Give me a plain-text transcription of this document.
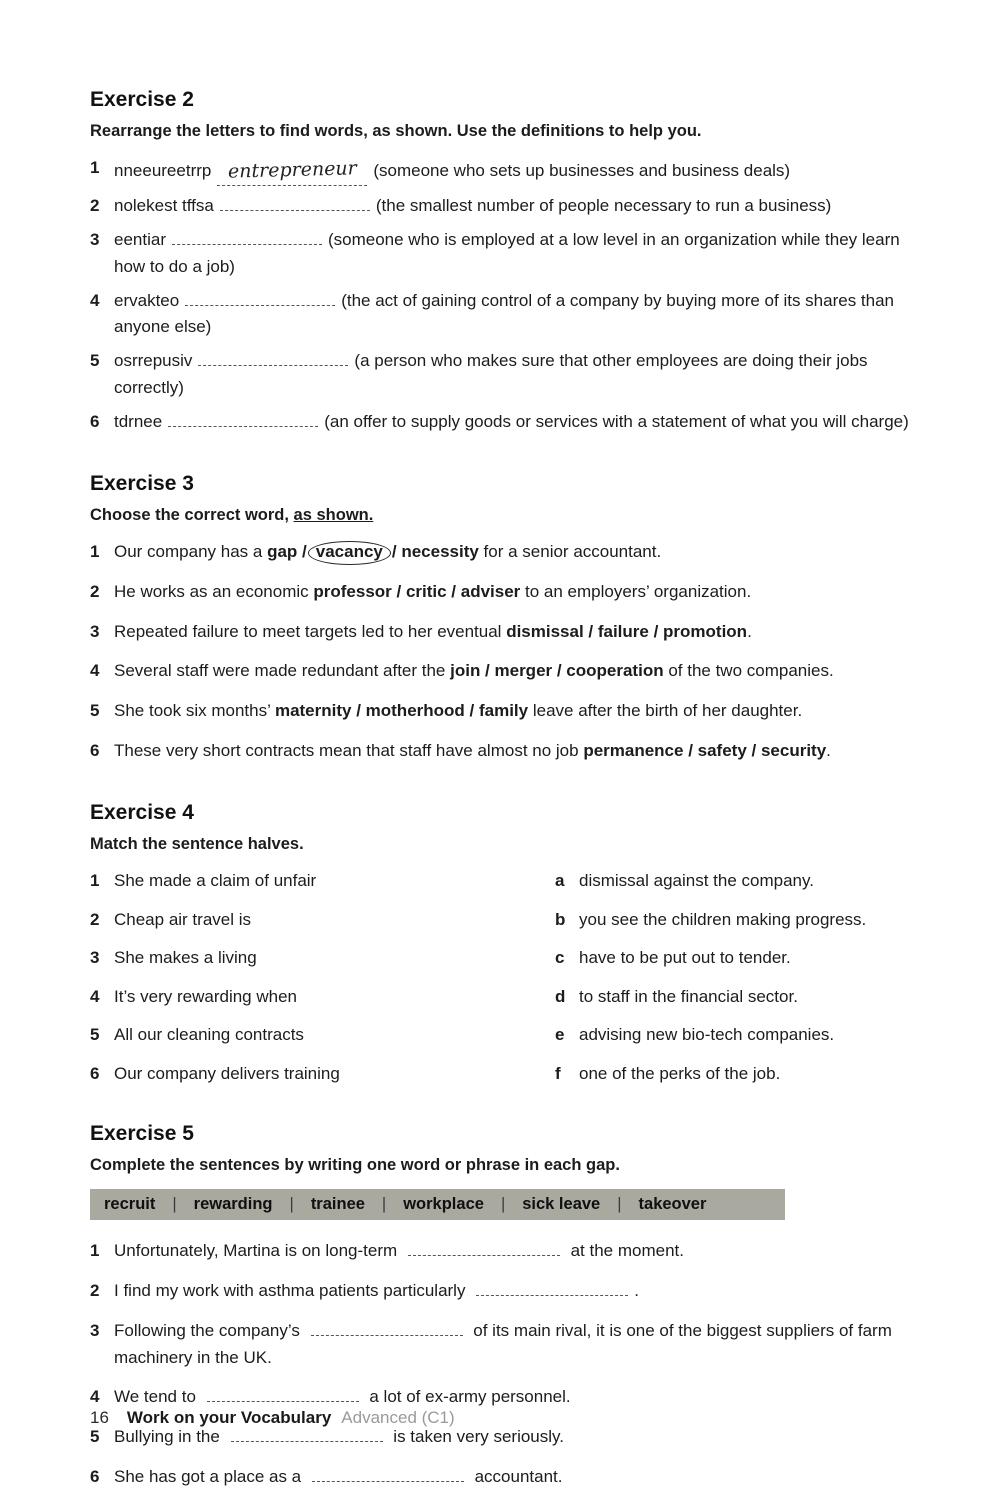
Exercise 2

Rearrange the letters to find words, as shown. Use the definitions to help you.

1 nneeureetrrp entrepreneur (someone who sets up businesses and business deals)
2 nolekest tffsa	(the smallest number of people necessary to run a business)
3 eentiar	(someone who is employed at a low level in an organization while they learn how to do a job)
4 ervakteo	(the act of gaining control of a company by buying more of its shares than anyone else)
5 osrrepusiv	(a person who makes sure that other employees are doing their jobs correctly)
6 tdrnee	(an offer to supply goods or services with a statement of what you will charge)
Exercise 3

Choose the correct word, as shown.

1 Our company has a gap / vacancy / necessity for a senior accountant.
2 He works as an economic professor / critic / adviser to an employers’ organization.
3 Repeated failure to meet targets led to her eventual dismissal / failure / promotion.
4 Several staff were made redundant after the join / merger / cooperation of the two companies.
5 She took six months’ maternity / motherhood / family leave after the birth of her daughter.
6 These very short contracts mean that staff have almost no job permanence / safety / security.
Exercise 4

Match the sentence halves.

1 She made a claim of unfair	a dismissal against the company.
2 Cheap air travel is	b you see the children making progress.
3 She makes a living	c have to be put out to tender.
4 It’s very rewarding when	d to staff in the financial sector.
5 All our cleaning contracts	e advising new bio-tech companies.
6 Our company delivers training	f	one of the perks of the job.
Exercise 5

Complete the sentences by writing one word or phrase in each gap.

recruit |	rewarding |	trainee |	workplace |	sick leave |	takeover
1 Unfortunately, Martina is on long-term	at the moment.
2 I find my work with asthma patients particularly	.
3 Following the company’s	of its main rival, it is one of the biggest suppliers of farm machinery in the UK.
4 We tend to	a lot of ex-army personnel.
5 Bullying in the	is taken very seriously.
6 She has got a place as a	accountant.
16 Work on your Vocabulary Advanced (C1)
